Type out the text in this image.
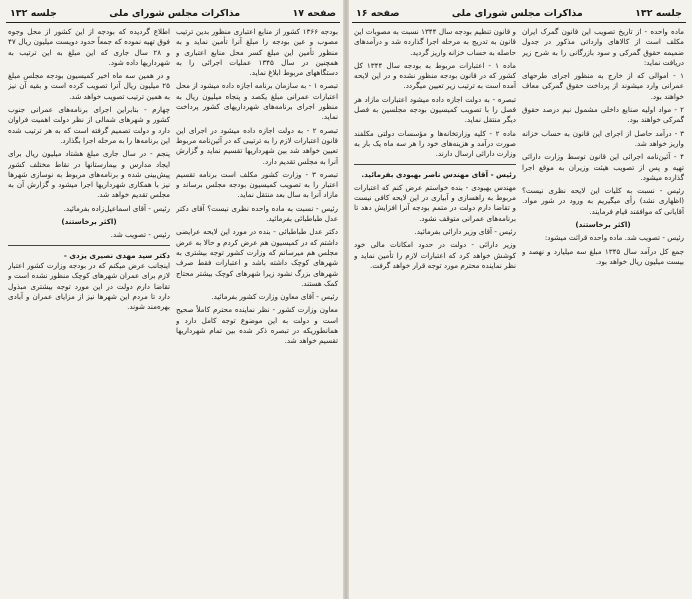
صفحه ۱۷
مذاکرات مجلس شورای ملی
جلسه ۱۳۲

بودجه ۱۳۶۶ کشور از منابع اعتباری منظور بدین ترتیب مصوب و عین بودجه را مبلغ آنرا تأمین نماید و به منظور تأمین این مبلغ کسر محل منابع اعتباری و همچنین در سال ۱۳۴۵ عملیات اجرائی را به دستگاههای مربوط ابلاغ نماید.

تبصره ۱ - به سازمان برنامه اجازه داده میشود از محل اعتبارات عمرانی مبلغ یکصد و پنجاه میلیون ریال به منظور اجرای برنامه‌های شهرداریهای کشور پرداخت نماید.

تبصره ۲ - به دولت اجازه داده میشود در اجرای این قانون اعتبارات لازم را به ترتیبی که در آئین‌نامه مربوط تعیین خواهد شد بین شهرداریها تقسیم نماید و گزارش آنرا به مجلس تقدیم دارد.

تبصره ۳ - وزارت کشور مکلف است برنامه تقسیم اعتبار را به تصویب کمیسیون بودجه مجلس برساند و مازاد آنرا به سال بعد منتقل نماید.

رئیس - نسبت به ماده واحده نظری نیست؟ آقای دکتر عدل طباطبائی بفرمائید.

دکتر عدل طباطبائی - بنده در مورد این لایحه عرایضی داشتم که در کمیسیون هم عرض کردم و حالا به عرض مجلس هم میرسانم که وزارت کشور توجه بیشتری به شهرهای کوچک داشته باشد و اعتبارات فقط صرف شهرهای بزرگ نشود زیرا شهرهای کوچک بیشتر محتاج کمک هستند.

رئیس - آقای معاون وزارت کشور بفرمائید.

معاون وزارت کشور - نظر نماینده محترم کاملاً صحیح است و دولت به این موضوع توجه کامل دارد و همانطوریکه در تبصره ذکر شده بین تمام شهرداریها تقسیم خواهد شد.

اطلاع گردیده که بودجه از این کشور از محل وجوه فوق تهیه نموده که جمعاً حدود دویست میلیون ریال ۴۷ و ۲۸ سال جاری که این مبلغ به این ترتیب به شهرداریها داده شود.

و در همین سه ماه اخیر کمیسیون بودجه مجلس مبلغ ۲۵ میلیون ریال آنرا تصویب کرده است و بقیه آن نیز به همین ترتیب تصویب خواهد شد.

چهارم - بنابراین اجرای برنامه‌های عمرانی جنوب کشور و شهرهای شمالی از نظر دولت اهمیت فراوان دارد و دولت تصمیم گرفته است که به هر ترتیب شده این برنامه‌ها را به مرحله اجرا بگذارد.

پنجم - در سال جاری مبلغ هشتاد میلیون ریال برای ایجاد مدارس و بیمارستانها در نقاط مختلف کشور پیش‌بینی شده و برنامه‌های مربوط به نوسازی شهرها نیز با همکاری شهرداریها اجرا میشود و گزارش آن به مجلس تقدیم خواهد شد.

رئیس - آقای اسماعیل‌زاده بفرمائید.

(اکثر برخاستند)

رئیس - تصویب شد.

دکتر سید مهدی نصیری یزدی -

اینجانب عرض میکنم که در بودجه وزارت کشور اعتبار لازم برای عمران شهرهای کوچک منظور نشده است و تقاضا دارم دولت در این مورد توجه بیشتری مبذول دارد تا مردم این شهرها نیز از مزایای عمران و آبادی بهره‌مند شوند.

جلسه ۱۳۲
مذاکرات مجلس شورای ملی
صفحه ۱۶

ماده واحده - از تاریخ تصویب این قانون گمرک ایران مکلف است از کالاهای وارداتی مذکور در جدول ضمیمه حقوق گمرکی و سود بازرگانی را به شرح زیر دریافت نماید:

۱ - اموالی که از خارج به منظور اجرای طرحهای عمرانی وارد میشوند از پرداخت حقوق گمرکی معاف خواهند بود.

۲ - مواد اولیه صنایع داخلی مشمول نیم درصد حقوق گمرکی خواهند بود.

۳ - درآمد حاصل از اجرای این قانون به حساب خزانه واریز خواهد شد.

۴ - آئین‌نامه اجرائی این قانون توسط وزارت دارائی تهیه و پس از تصویب هیئت وزیران به موقع اجرا گذارده میشود.

رئیس - نسبت به کلیات این لایحه نظری نیست؟ (اظهاری نشد) رأی میگیریم به ورود در شور مواد. آقایانی که موافقند قیام فرمایند.

(اکثر برخاستند)

رئیس - تصویب شد. ماده واحده قرائت میشود:

جمع کل درآمد سال ۱۳۴۵ مبلغ سه میلیارد و نهصد و بیست میلیون ریال خواهد بود.

و قانون تنظیم بودجه سال ۱۳۴۴ نسبت به مصوبات این قانون به تدریج به مرحله اجرا گذارده شد و درآمدهای حاصله به حساب خزانه واریز گردید.

ماده ۱ - اعتبارات مربوط به بودجه سال ۱۳۴۴ کل کشور که در قانون بودجه منظور نشده و در این لایحه آمده است به ترتیب زیر تعیین میگردد.

تبصره - به دولت اجازه داده میشود اعتبارات مازاد هر فصل را با تصویب کمیسیون بودجه مجلسین به فصل دیگر منتقل نماید.

ماده ۲ - کلیه وزارتخانه‌ها و مؤسسات دولتی مکلفند صورت درآمد و هزینه‌های خود را هر سه ماه یک بار به وزارت دارائی ارسال دارند.

رئیس - آقای مهندس ناصر بهبودی بفرمائید.

مهندس بهبودی - بنده خواستم عرض کنم که اعتبارات مربوط به راهسازی و آبیاری در این لایحه کافی نیست و تقاضا دارم دولت در متمم بودجه آنرا افزایش دهد تا برنامه‌های عمرانی متوقف نشود.

رئیس - آقای وزیر دارائی بفرمائید.

وزیر دارائی - دولت در حدود امکانات مالی خود کوشش خواهد کرد که اعتبارات لازم را تأمین نماید و نظر نماینده محترم مورد توجه قرار خواهد گرفت.
